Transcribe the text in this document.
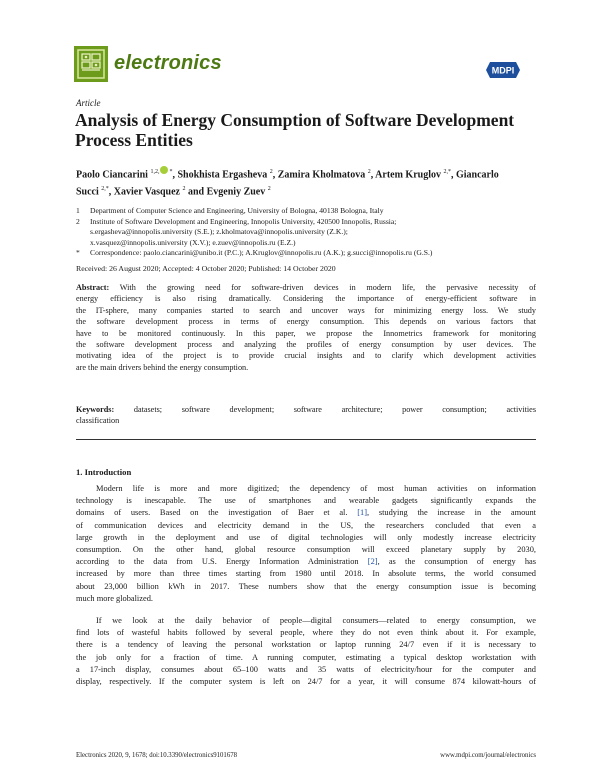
electronics	MDPI
Article
Analysis of Energy Consumption of Software Development Process Entities
Paolo Ciancarini $^{1,2,}$ *, Shokhista Ergasheva $^2$, Zamira Kholmatova $^2$, Artem Kruglov $^{2,*}$, Giancarlo Succi $^{2,*}$, Xavier Vasquez $^2$ and Evgeniy Zuev $^2$
1	Department of Computer Science and Engineering, University of Bologna, 40138 Bologna, Italy
2	Institute of Software Development and Engineering, Innopolis University, 420500 Innopolis, Russia;
s.ergasheva@innopolis.university (S.E.); z.kholmatova@innopolis.university (Z.K.);
x.vasquez@innopolis.university (X.V.); e.zuev@innopolis.ru (E.Z.)
*	Correspondence: paolo.ciancarini@unibo.it (P.C.); A.Kruglov@innopolis.ru (A.K.); g.succi@innopolis.ru (G.S.)
Received: 26 August 2020; Accepted: 4 October 2020; Published: 14 October 2020
Abstract: With the growing need for software-driven devices in modern life, the pervasive necessity of
energy efficiency is also rising dramatically. Considering the importance of energy-efficient software in
the IT-sphere, many companies started to search and uncover ways for minimizing energy loss. We study
the software development process in terms of energy consumption. This depends on various factors that
have to be monitored continuously. In this paper, we propose the Innometrics framework for monitoring
the software development process and analyzing the profiles of energy consumption by user devices. The
motivating idea of the project is to provide crucial insights and to clarify which development activities
are the main drivers behind the energy consumption.
Keywords: datasets; software development; software architecture; power consumption; activities
classification
1. Introduction
Modern life is more and more digitized; the dependency of most human activities on information
technology is inescapable. The use of smartphones and wearable gadgets significantly expands the
domains of users. Based on the investigation of Baer et al. [1], studying the increase in the amount
of communication devices and electricity demand in the US, the researchers concluded that even a
large growth in the deployment and use of digital technologies will only modestly increase electricity
consumption. On the other hand, global resource consumption will exceed planetary supply by 2030,
according to the data from U.S. Energy Information Administration [2], as the consumption of energy has
increased by more than three times starting from 1980 until 2018. In absolute terms, the world consumed
about 23,000 billion kWh in 2017. These numbers show that the energy consumption issue is becoming
much more globalized.
If we look at the daily behavior of people—digital consumers—related to energy consumption, we
find lots of wasteful habits followed by several people, where they do not even think about it. For example,
there is a tendency of leaving the personal workstation or laptop running 24/7 even if it is necessary to
the job only for a fraction of time. A running computer, estimating a typical desktop workstation with
a 17-inch display, consumes about 65–100 watts and 35 watts of electricity/hour for the computer and
display, respectively. If the computer system is left on 24/7 for a year, it will consume 874 kilowatt-hours of
Electronics 2020, 9, 1678; doi:10.3390/electronics9101678	www.mdpi.com/journal/electronics
